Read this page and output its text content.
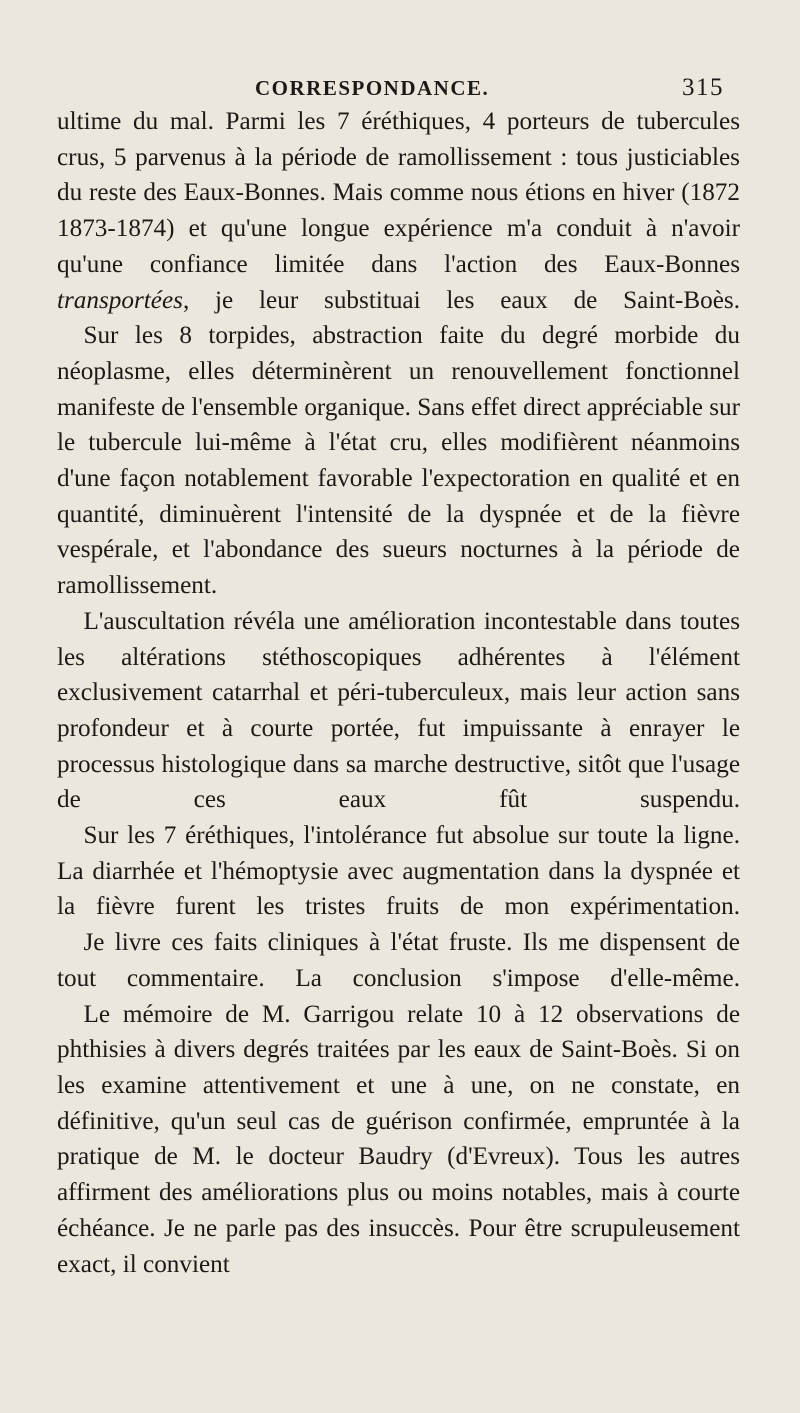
CORRESPONDANCE.	315

ultime du mal. Parmi les 7 éréthiques, 4 porteurs de tubercules crus, 5 parvenus à la période de ramollissement : tous justiciables du reste des Eaux-Bonnes. Mais comme nous étions en hiver (1872 1873-1874) et qu'une longue expérience m'a conduit à n'avoir qu'une confiance limitée dans l'action des Eaux-Bonnes transportées, je leur substituai les eaux de Saint-Boès.

Sur les 8 torpides, abstraction faite du degré morbide du néoplasme, elles déterminèrent un renouvellement fonctionnel manifeste de l'ensemble organique. Sans effet direct appréciable sur le tubercule lui-même à l'état cru, elles modifièrent néanmoins d'une façon notablement favorable l'expectoration en qualité et en quantité, diminuèrent l'intensité de la dyspnée et de la fièvre vespérale, et l'abondance des sueurs nocturnes à la période de ramollissement.

L'auscultation révéla une amélioration incontestable dans toutes les altérations stéthoscopiques adhérentes à l'élément exclusivement catarrhal et péri-tuberculeux, mais leur action sans profondeur et à courte portée, fut impuissante à enrayer le processus histologique dans sa marche destructive, sitôt que l'usage de ces eaux fût suspendu.

Sur les 7 éréthiques, l'intolérance fut absolue sur toute la ligne. La diarrhée et l'hémoptysie avec augmentation dans la dyspnée et la fièvre furent les tristes fruits de mon expérimentation.

Je livre ces faits cliniques à l'état fruste. Ils me dispensent de tout commentaire. La conclusion s'impose d'elle-même.

Le mémoire de M. Garrigou relate 10 à 12 observations de phthisies à divers degrés traitées par les eaux de Saint-Boès. Si on les examine attentivement et une à une, on ne constate, en définitive, qu'un seul cas de guérison confirmée, empruntée à la pratique de M. le docteur Baudry (d'Evreux). Tous les autres affirment des améliorations plus ou moins notables, mais à courte échéance. Je ne parle pas des insuccès. Pour être scrupuleusement exact, il convient
